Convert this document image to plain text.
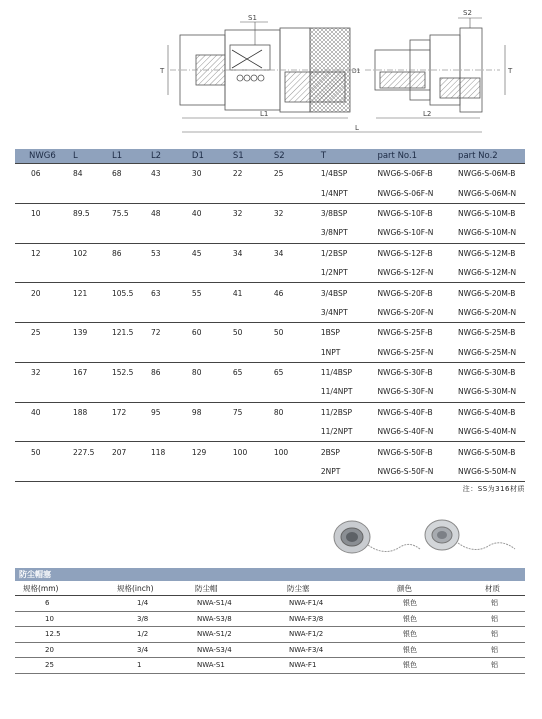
S1
S2
T	D1
L1	L2
L
T
NWG6	L	L1	L2	D1	S1	S2	T	part No.1	part No.2
06	84	68	43	30	22	25	1/4BSP	NWG6-S-06F-B	NWG6-S-06M-B
							1/4NPT	NWG6-S-06F-N	NWG6-S-06M-N
10	89.5	75.5	48	40	32	32	3/8BSP	NWG6-S-10F-B	NWG6-S-10M-B
							3/8NPT	NWG6-S-10F-N	NWG6-S-10M-N
12	102	86	53	45	34	34	1/2BSP	NWG6-S-12F-B	NWG6-S-12M-B
							1/2NPT	NWG6-S-12F-N	NWG6-S-12M-N
20	121	105.5	63	55	41	46	3/4BSP	NWG6-S-20F-B	NWG6-S-20M-B
							3/4NPT	NWG6-S-20F-N	NWG6-S-20M-N
25	139	121.5	72	60	50	50	1BSP	NWG6-S-25F-B	NWG6-S-25M-B
							1NPT	NWG6-S-25F-N	NWG6-S-25M-N
32	167	152.5	86	80	65	65	11/4BSP	NWG6-S-30F-B	NWG6-S-30M-B
							11/4NPT	NWG6-S-30F-N	NWG6-S-30M-N
40	188	172	95	98	75	80	11/2BSP	NWG6-S-40F-B	NWG6-S-40M-B
							11/2NPT	NWG6-S-40F-N	NWG6-S-40M-N
50	227.5	207	118	129	100	100	2BSP	NWG6-S-50F-B	NWG6-S-50M-B
							2NPT	NWG6-S-50F-N	NWG6-S-50M-N
注：SS为316材质
防尘帽塞
规格(mm)	规格(inch)	防尘帽	防尘塞	颜色	材质
6	1/4	NWA-S1/4	NWA-F1/4	银色	铝
10	3/8	NWA-S3/8	NWA-F3/8	银色	铝
12.5	1/2	NWA-S1/2	NWA-F1/2	银色	铝
20	3/4	NWA-S3/4	NWA-F3/4	银色	铝
25	1	NWA-S1	NWA-F1	银色	铝
